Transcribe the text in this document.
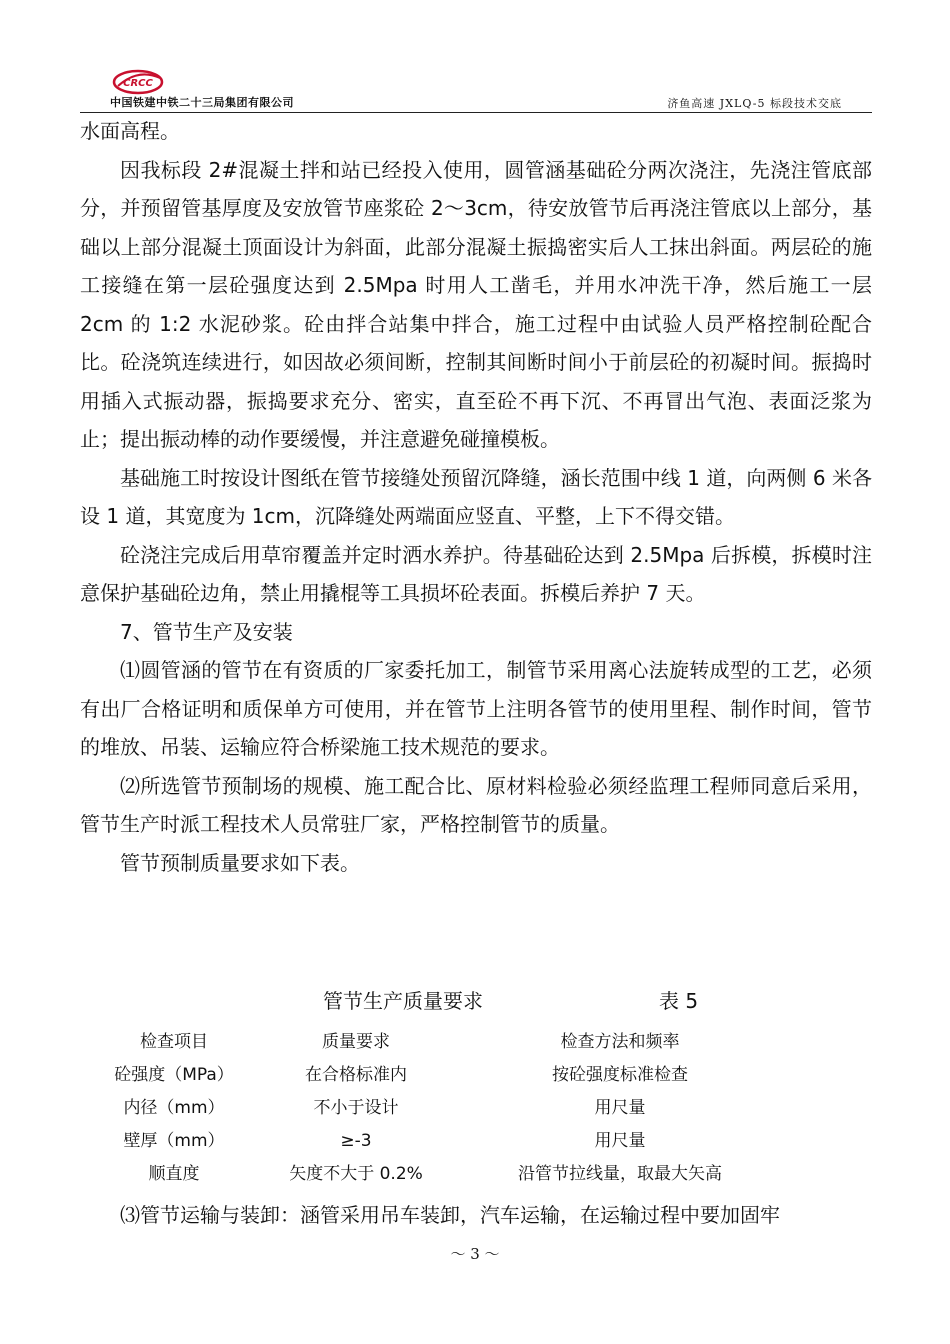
CRCC
中国铁建中铁二十三局集团有限公司	济鱼高速 JXLQ-5 标段技术交底

水面高程。

因我标段 2#混凝土拌和站已经投入使用，圆管涵基础砼分两次浇注，先浇注管底部分，并预留管基厚度及安放管节座浆砼 2～3cm，待安放管节后再浇注管底以上部分，基础以上部分混凝土顶面设计为斜面，此部分混凝土振捣密实后人工抹出斜面。两层砼的施工接缝在第一层砼强度达到 2.5Mpa 时用人工凿毛，并用水冲洗干净，然后施工一层 2cm 的 1:2 水泥砂浆。砼由拌合站集中拌合，施工过程中由试验人员严格控制砼配合比。砼浇筑连续进行，如因故必须间断，控制其间断时间小于前层砼的初凝时间。振捣时用插入式振动器，振捣要求充分、密实，直至砼不再下沉、不再冒出气泡、表面泛浆为止；提出振动棒的动作要缓慢，并注意避免碰撞模板。

基础施工时按设计图纸在管节接缝处预留沉降缝，涵长范围中线 1 道，向两侧 6 米各设 1 道，其宽度为 1cm，沉降缝处两端面应竖直、平整，上下不得交错。

砼浇注完成后用草帘覆盖并定时洒水养护。待基础砼达到 2.5Mpa 后拆模，拆模时注意保护基础砼边角，禁止用撬棍等工具损坏砼表面。拆模后养护 7 天。

7、管节生产及安装

⑴圆管涵的管节在有资质的厂家委托加工，制管节采用离心法旋转成型的工艺，必须有出厂合格证明和质保单方可使用，并在管节上注明各管节的使用里程、制作时间，管节的堆放、吊装、运输应符合桥梁施工技术规范的要求。

⑵所选管节预制场的规模、施工配合比、原材料检验必须经监理工程师同意后采用，管节生产时派工程技术人员常驻厂家，严格控制管节的质量。

管节预制质量要求如下表。

管节生产质量要求	表 5
检查项目	质量要求	检查方法和频率
砼强度（MPa）	在合格标准内	按砼强度标准检查
内径（mm）	不小于设计	用尺量
壁厚（mm）	≥-3	用尺量
顺直度	矢度不大于 0.2%	沿管节拉线量，取最大矢高

⑶管节运输与装卸：涵管采用吊车装卸，汽车运输，在运输过程中要加固牢

～ 3 ～
